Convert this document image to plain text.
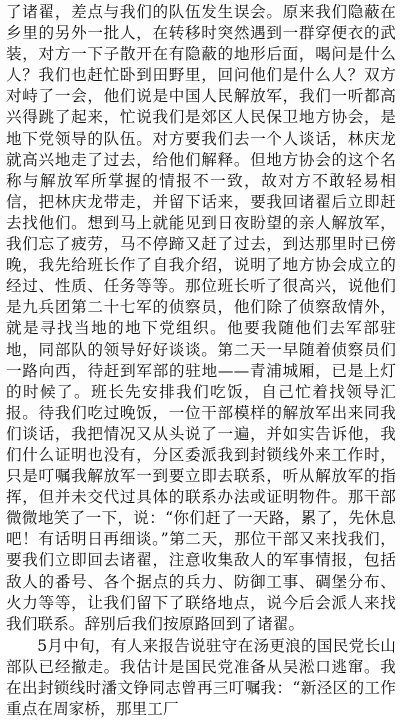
了诸翟，差点与我们的队伍发生误会。原来我们隐蔽在乡里的另外一批人，在转移时突然遇到一群穿便衣的武装，对方一下子散开在有隐蔽的地形后面，喝问是什么人？我们也赶忙卧到田野里，回问他们是什么人？双方对峙了一会，他们说是中国人民解放军，我们一听都高兴得跳了起来，忙说我们是郊区人民保卫地方协会，是地下党领导的队伍。对方要我们去一个人谈话，林庆龙就高兴地走了过去，给他们解释。但地方协会的这个名称与解放军所掌握的情报不一致，故对方不敢轻易相信，把林庆龙带走，并留下话来，要我回诸翟后立即赶去找他们。想到马上就能见到日夜盼望的亲人解放军，我们忘了疲劳，马不停蹄又赶了过去，到达那里时已傍晚，我先给班长作了自我介绍，说明了地方协会成立的经过、性质、任务等等。那位班长听了很高兴，说他们是九兵团第二十七军的侦察员，他们除了侦察敌情外，就是寻找当地的地下党组织。他要我随他们去军部驻地，同部队的领导好好谈谈。第二天一早随着侦察员们一路向西，待赶到军部的驻地——青浦城厢，已是上灯的时候了。班长先安排我们吃饭，自己忙着找领导汇报。待我们吃过晚饭，一位干部模样的解放军出来同我们谈话，我把情况又从头说了一遍，并如实告诉他，我们什么证明也没有，分区委派我到封锁线外来工作时，只是叮嘱我解放军一到要立即去联系，听从解放军的指挥，但并未交代过具体的联系办法或证明物件。那干部微微地笑了一下，说：“你们赶了一天路，累了，先休息吧！有话明日再细谈。”第二天，那位干部又来找我们，要我们立即回去诸翟，注意收集敌人的军事情报，包括敌人的番号、各个据点的兵力、防御工事、碉堡分布、火力等等，让我们留下了联络地点，说今后会派人来找我们联系。辞别后我们按原路回到了诸翟。

5月中旬，有人来报告说驻守在汤更浪的国民党长山部队已经撤走。我估计是国民党准备从吴淞口逃窜。我在出封锁线时潘文铮同志曾再三叮嘱我：“新泾区的工作重点在周家桥，那里工厂
